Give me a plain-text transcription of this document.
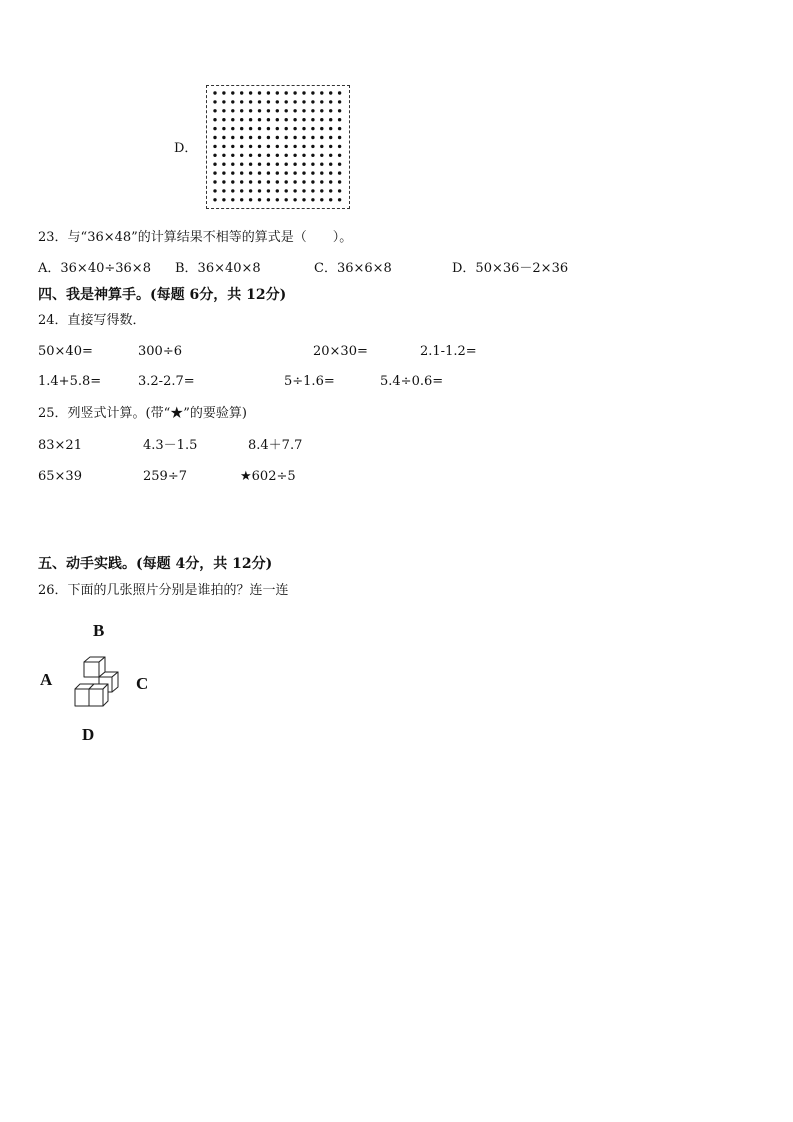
D．
23．与“36×48”的计算结果不相等的算式是（　　）。
A．36×40÷36×8 B．36×40×8	C．36×6×8	D．50×36－2×36
四、我是神算手。(每题 6分，共 12分)
24．直接写得数．
50×40=	300÷6	20×30=	2.1-1.2=
1.4+5.8=	3.2-2.7=	5÷1.6=	5.4÷0.6=
25．列竖式计算。(带“★”的要验算)
83×21	4.3－1.5	8.4＋7.7
65×39	259÷7	★602÷5
五、动手实践。(每题 4分，共 12分)
26．下面的几张照片分别是谁拍的？连一连
B
A	C
D
